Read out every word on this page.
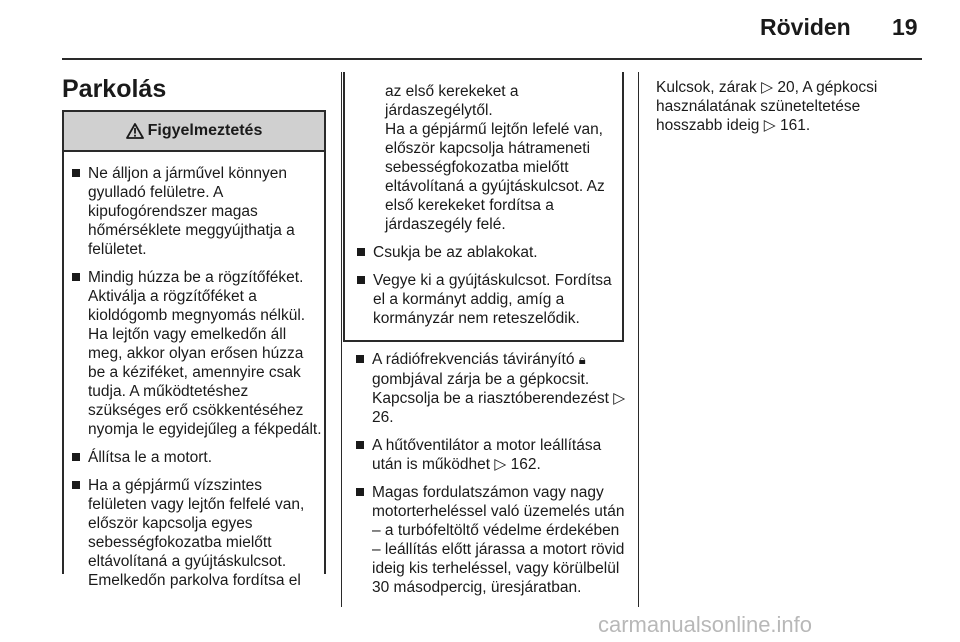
Röviden 19
Parkolás
Figyelmeztetés

Ne álljon a járművel könnyen gyulladó felületre. A kipufogórendszer magas hőmérséklete meggyújthatja a felületet.

Mindig húzza be a rögzítőféket. Aktiválja a rögzítőféket a kioldógomb megnyomás nélkül. Ha lejtőn vagy emelkedőn áll meg, akkor olyan erősen húzza be a kéziféket, amennyire csak tudja. A működtetéshez szükséges erő csökkentéséhez nyomja le egyidejűleg a fékpedált.

Állítsa le a motort.

Ha a gépjármű vízszintes felületen vagy lejtőn felfelé van, először kapcsolja egyes sebességfokozatba mielőtt eltávolítaná a gyújtáskulcsot. Emelkedőn parkolva fordítsa el

az első kerekeket a járdaszegélytől.

Ha a gépjármű lejtőn lefelé van, először kapcsolja hátrameneti sebességfokozatba mielőtt eltávolítaná a gyújtáskulcsot. Az első kerekeket fordítsa a járdaszegély felé.

Csukja be az ablakokat.

Vegye ki a gyújtáskulcsot. Fordítsa el a kormányt addig, amíg a kormányzár nem reteszelődik.

A rádiófrekvenciás távirányító 🔒︎ gombjával zárja be a gépkocsit.

Kapcsolja be a riasztóberendezést ▷ 26.

A hűtőventilátor a motor leállítása után is működhet ▷ 162.

Magas fordulatszámon vagy nagy motorterheléssel való üzemelés után – a turbófeltöltő védelme érdekében – leállítás előtt járassa a motort rövid ideig kis terheléssel, vagy körülbelül 30 másodpercig, üresjáratban.

Kulcsok, zárak ▷ 20, A gépkocsi használatának szüneteltetése hosszabb ideig ▷ 161.

carmanualsonline.info
